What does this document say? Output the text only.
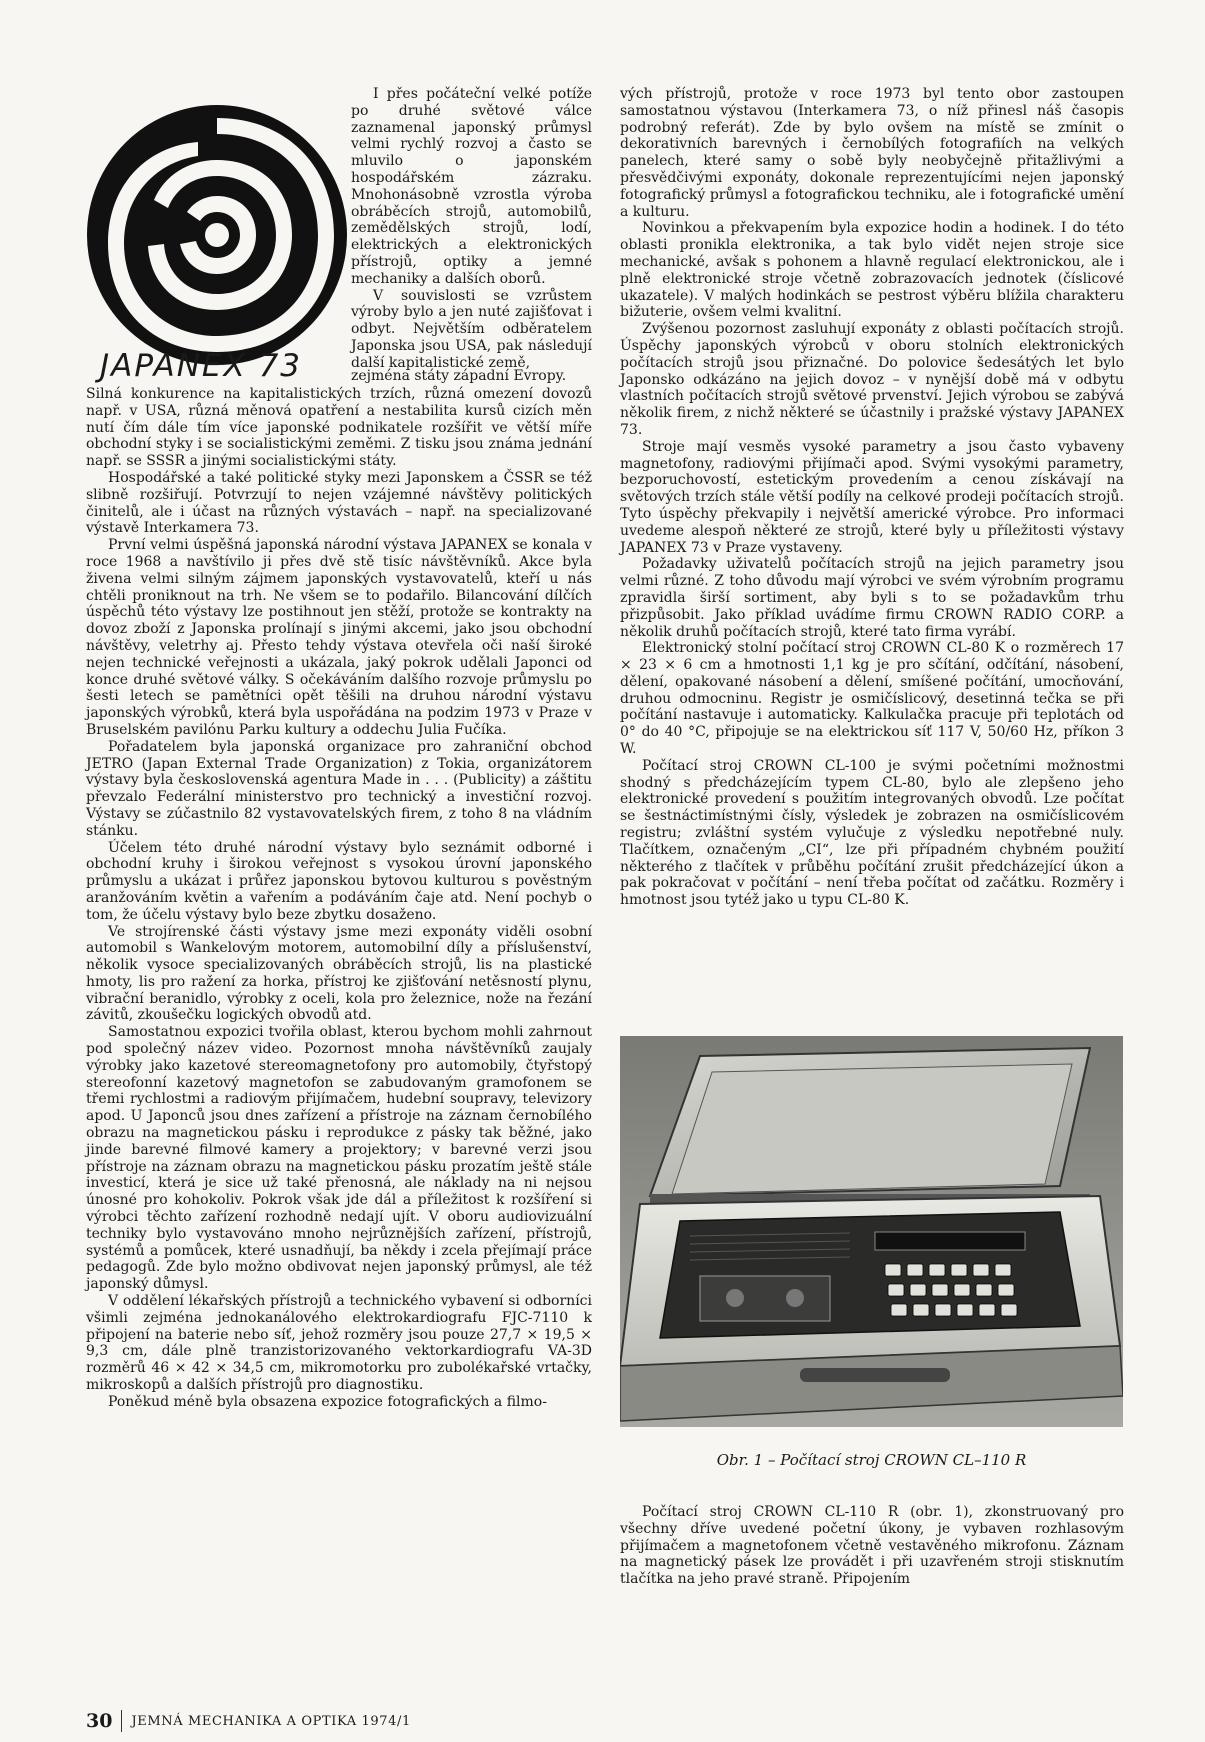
JAPANEX 73

I přes počáteční velké potíže po druhé světové válce zaznamenal japonský průmysl velmi rychlý rozvoj a často se mluvilo o japonském hospodářském zázraku. Mnohonásobně vzrostla výroba obráběcích strojů, automobilů, zemědělských strojů, lodí, elektrických a elektronických přístrojů, optiky a jemné mechaniky a dalších oborů.

V souvislosti se vzrůstem výroby bylo a jen nuté zajišťovat i odbyt. Největším odběratelem Japonska jsou USA, pak následují další kapitalistické země,

zejména státy západní Evropy.

Silná konkurence na kapitalistických trzích, různá omezení dovozů např. v USA, různá měnová opatření a nestabilita kursů cizích měn nutí čím dále tím více japonské podnikatele rozšířit ve větší míře obchodní styky i se socialistickými zeměmi. Z tisku jsou známa jednání např. se SSSR a jinými socialistickými státy.

Hospodářské a také politické styky mezi Japonskem a ČSSR se též slibně rozšiřují. Potvrzují to nejen vzájemné návštěvy politických činitelů, ale i účast na různých výstavách – např. na specializované výstavě Interkamera 73.

První velmi úspěšná japonská národní výstava JAPANEX se konala v roce 1968 a navštívilo ji přes dvě stě tisíc návštěvníků. Akce byla živena velmi silným zájmem japonských vystavovatelů, kteří u nás chtěli proniknout na trh. Ne všem se to podařilo. Bilancování dílčích úspěchů této výstavy lze postihnout jen stěží, protože se kontrakty na dovoz zboží z Japonska prolínají s jinými akcemi, jako jsou obchodní návštěvy, veletrhy aj. Přesto tehdy výstava otevřela oči naší široké nejen technické veřejnosti a ukázala, jaký pokrok udělali Japonci od konce druhé světové války. S očekáváním dalšího rozvoje průmyslu po šesti letech se pamětníci opět těšili na druhou národní výstavu japonských výrobků, která byla uspořádána na podzim 1973 v Praze v Bruselském pavilónu Parku kultury a oddechu Julia Fučíka.

Pořadatelem byla japonská organizace pro zahraniční obchod JETRO (Japan External Trade Organization) z Tokia, organizátorem výstavy byla československá agentura Made in . . . (Publicity) a záštitu převzalo Federální ministerstvo pro technický a investiční rozvoj. Výstavy se zúčastnilo 82 vystavovatelských firem, z toho 8 na vládním stánku.

Účelem této druhé národní výstavy bylo seznámit odborné i obchodní kruhy i širokou veřejnost s vysokou úrovní japonského průmyslu a ukázat i průřez japonskou bytovou kulturou s pověstným aranžováním květin a vařením a podáváním čaje atd. Není pochyb o tom, že účelu výstavy bylo beze zbytku dosaženo.

Ve strojírenské části výstavy jsme mezi exponáty viděli osobní automobil s Wankelovým motorem, automobilní díly a příslušenství, několik vysoce specializovaných obráběcích strojů, lis na plastické hmoty, lis pro ražení za horka, přístroj ke zjišťování netěsností plynu, vibrační beranidlo, výrobky z oceli, kola pro železnice, nože na řezání závitů, zkoušečku logických obvodů atd.

Samostatnou expozici tvořila oblast, kterou bychom mohli zahrnout pod společný název video. Pozornost mnoha návštěvníků zaujaly výrobky jako kazetové stereomagnetofony pro automobily, čtyřstopý stereofonní kazetový magnetofon se zabudovaným gramofonem se třemi rychlostmi a radiovým přijímačem, hudební soupravy, televizory apod. U Japonců jsou dnes zařízení a přístroje na záznam černobílého obrazu na magnetickou pásku i reprodukce z pásky tak běžné, jako jinde barevné filmové kamery a projektory; v barevné verzi jsou přístroje na záznam obrazu na magnetickou pásku prozatím ještě stále investicí, která je sice už také přenosná, ale náklady na ni nejsou únosné pro kohokoliv. Pokrok však jde dál a příležitost k rozšíření si výrobci těchto zařízení rozhodně nedají ujít. V oboru audiovizuální techniky bylo vystavováno mnoho nejrůznějších zařízení, přístrojů, systémů a pomůcek, které usnadňují, ba někdy i zcela přejímají práce pedagogů. Zde bylo možno obdivovat nejen japonský průmysl, ale též japonský důmysl.

V oddělení lékařských přístrojů a technického vybavení si odborníci všimli zejména jednokanálového elektrokardiografu FJC-7110 k připojení na baterie nebo síť, jehož rozměry jsou pouze 27,7 × 19,5 × 9,3 cm, dále plně tranzistorizovaného vektorkardiografu VA-3D rozměrů 46 × 42 × 34,5 cm, mikromotorku pro zubolékařské vrtačky, mikroskopů a dalších přístrojů pro diagnostiku.

Poněkud méně byla obsazena expozice fotografických a filmo-

vých přístrojů, protože v roce 1973 byl tento obor zastoupen samostatnou výstavou (Interkamera 73, o níž přinesl náš časopis podrobný referát). Zde by bylo ovšem na místě se zmínit o dekorativních barevných i černobílých fotografiích na velkých panelech, které samy o sobě byly neobyčejně přitažlivými a přesvědčivými exponáty, dokonale reprezentujícími nejen japonský fotografický průmysl a fotografickou techniku, ale i fotografické umění a kulturu.

Novinkou a překvapením byla expozice hodin a hodinek. I do této oblasti pronikla elektronika, a tak bylo vidět nejen stroje sice mechanické, avšak s pohonem a hlavně regulací elektronickou, ale i plně elektronické stroje včetně zobrazovacích jednotek (číslicové ukazatele). V malých hodinkách se pestrost výběru blížila charakteru bižuterie, ovšem velmi kvalitní.

Zvýšenou pozornost zasluhují exponáty z oblasti počítacích strojů. Úspěchy japonských výrobců v oboru stolních elektronických počítacích strojů jsou přiznačné. Do polovice šedesátých let bylo Japonsko odkázáno na jejich dovoz – v nynější době má v odbytu vlastních počítacích strojů světové prvenství. Jejich výrobou se zabývá několik firem, z nichž některé se účastnily i pražské výstavy JAPANEX 73.

Stroje mají vesměs vysoké parametry a jsou často vybaveny magnetofony, radiovými přijímači apod. Svými vysokými parametry, bezporuchovostí, estetickým provedením a cenou získávají na světových trzích stále větší podíly na celkové prodeji počítacích strojů. Tyto úspěchy překvapily i největší americké výrobce. Pro informaci uvedeme alespoň některé ze strojů, které byly u příležitosti výstavy JAPANEX 73 v Praze vystaveny.

Požadavky uživatelů počítacích strojů na jejich parametry jsou velmi různé. Z toho důvodu mají výrobci ve svém výrobním programu zpravidla širší sortiment, aby byli s to se požadavkům trhu přizpůsobit. Jako příklad uvádíme firmu CROWN RADIO CORP. a několik druhů počítacích strojů, které tato firma vyrábí.

Elektronický stolní počítací stroj CROWN CL-80 K o rozměrech 17 × 23 × 6 cm a hmotnosti 1,1 kg je pro sčítání, odčítání, násobení, dělení, opakované násobení a dělení, smíšené počítání, umocňování, druhou odmocninu. Registr je osmičíslicový, desetinná tečka se při počítání nastavuje i automaticky. Kalkulačka pracuje při teplotách od 0° do 40 °C, připojuje se na elektrickou síť 117 V, 50/60 Hz, příkon 3 W.

Počítací stroj CROWN CL-100 je svými početními možnostmi shodný s předcházejícím typem CL-80, bylo ale zlepšeno jeho elektronické provedení s použitím integrovaných obvodů. Lze počítat se šestnáctimístnými čísly, výsledek je zobrazen na osmičíslicovém registru; zvláštní systém vylučuje z výsledku nepotřebné nuly. Tlačítkem, označeným „CI“, lze při případném chybném použití některého z tlačítek v průběhu počítání zrušit předcházející úkon a pak pokračovat v počítání – není třeba počítat od začátku. Rozměry i hmotnost jsou tytéž jako u typu CL-80 K.

Obr. 1 – Počítací stroj CROWN CL–110 R

Počítací stroj CROWN CL-110 R (obr. 1), zkonstruovaný pro všechny dříve uvedené početní úkony, je vybaven rozhlasovým přijímačem a magnetofonem včetně vestavěného mikrofonu. Záznam na magnetický pásek lze provádět i při uzavřeném stroji stisknutím tlačítka na jeho pravé straně. Připojením

30 JEMNÁ MECHANIKA A OPTIKA 1974/1
